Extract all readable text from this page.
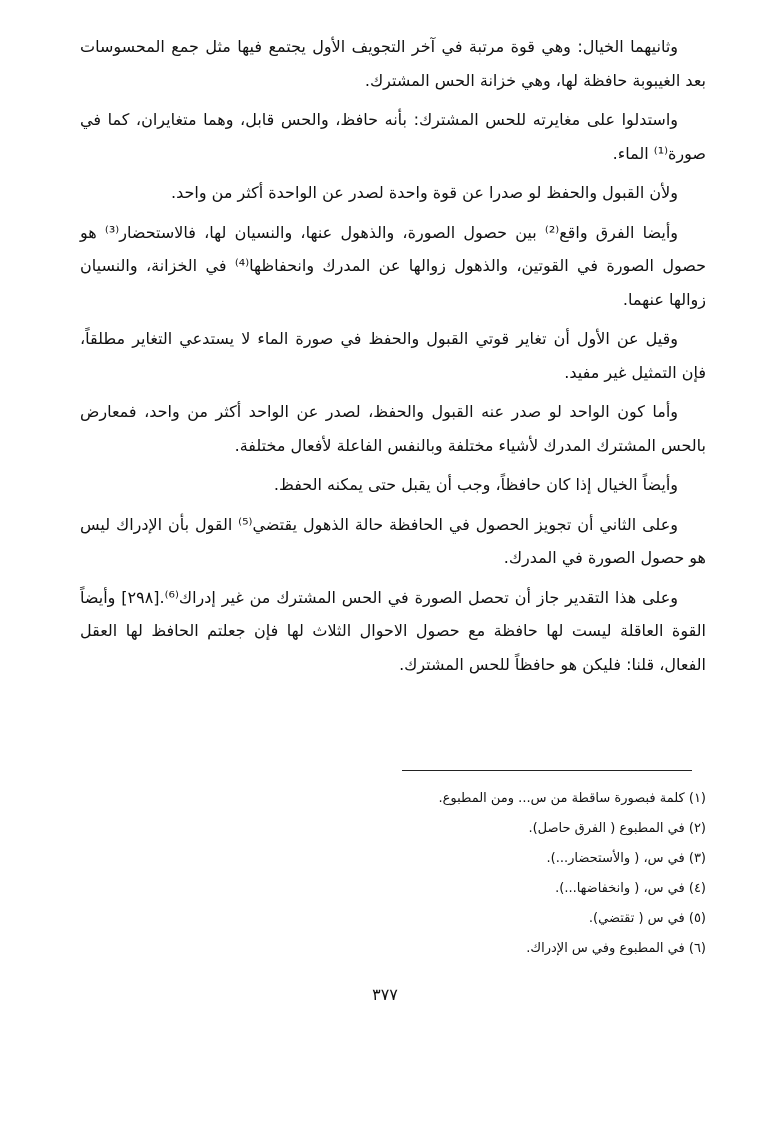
وثانيهما الخيال: وهي قوة مرتبة في آخر التجويف الأول يجتمع فيها مثل جمع المحسوسات بعد الغيبوبة حافظة لها، وهي خزانة الحس المشترك.

واستدلوا على مغايرته للحس المشترك: بأنه حافظ، والحس قابل، وهما متغايران، كما في صورة⁽¹⁾ الماء.

ولأن القبول والحفظ لو صدرا عن قوة واحدة لصدر عن الواحدة أكثر من واحد.

وأيضا الفرق واقع⁽²⁾ بين حصول الصورة، والذهول عنها، والنسيان لها، فالاستحضار⁽³⁾ هو حصول الصورة في القوتين، والذهول زوالها عن المدرك وانحفاظها⁽⁴⁾ في الخزانة، والنسيان زوالها عنهما.

وقيل عن الأول أن تغاير قوتي القبول والحفظ في صورة الماء لا يستدعي التغاير مطلقاً، فإن التمثيل غير مفيد.

وأما كون الواحد لو صدر عنه القبول والحفظ، لصدر عن الواحد أكثر من واحد، فمعارض بالحس المشترك المدرك لأشياء مختلفة وبالنفس الفاعلة لأفعال مختلفة.

وأيضاً الخيال إذا كان حافظاً، وجب أن يقبل حتى يمكنه الحفظ.

وعلى الثاني أن تجويز الحصول في الحافظة حالة الذهول يقتضي⁽⁵⁾ القول بأن الإدراك ليس هو حصول الصورة في المدرك.

وعلى هذا التقدير جاز أن تحصل الصورة في الحس المشترك من غير إدراك⁽⁶⁾.[٢٩٨] وأيضاً القوة العاقلة ليست لها حافظة مع حصول الاحوال الثلاث لها فإن جعلتم الحافظ لها العقل الفعال، قلنا: فليكن هو حافظاً للحس المشترك.

(١) كلمة فبصورة ساقطة من س... ومن المطبوع.
(٢) في المطبوع ( الفرق حاصل).
(٣) في س، ( والأستحضار...).
(٤) في س، ( وانخفاضها...).
(٥) في س ( تقتضي).
(٦) في المطبوع وفي س الإدراك.
٣٧٧
